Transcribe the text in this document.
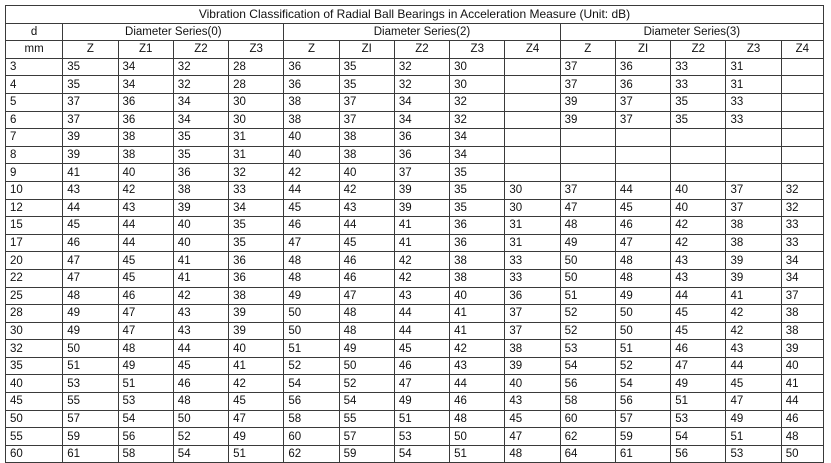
Vibration Classification of Radial Ball Bearings in Acceleration Measure (Unit: dB)														
d	Diameter Series(0)				Diameter Series(2)					Diameter Series(3)				
mm	Z	Z1	Z2	Z3	Z	ZI	Z2	Z3	Z4	Z	ZI	Z2	Z3	Z4
3	35	34	32	28	36	35	32	30		37	36	33	31	
4	35	34	32	28	36	35	32	30		37	36	33	31	
5	37	36	34	30	38	37	34	32		39	37	35	33	
6	37	36	34	30	38	37	34	32		39	37	35	33	
7	39	38	35	31	40	38	36	34						
8	39	38	35	31	40	38	36	34						
9	41	40	36	32	42	40	37	35						
10	43	42	38	33	44	42	39	35	30	37	44	40	37	32
12	44	43	39	34	45	43	39	35	30	47	45	40	37	32
15	45	44	40	35	46	44	41	36	31	48	46	42	38	33
17	46	44	40	35	47	45	41	36	31	49	47	42	38	33
20	47	45	41	36	48	46	42	38	33	50	48	43	39	34
22	47	45	41	36	48	46	42	38	33	50	48	43	39	34
25	48	46	42	38	49	47	43	40	36	51	49	44	41	37
28	49	47	43	39	50	48	44	41	37	52	50	45	42	38
30	49	47	43	39	50	48	44	41	37	52	50	45	42	38
32	50	48	44	40	51	49	45	42	38	53	51	46	43	39
35	51	49	45	41	52	50	46	43	39	54	52	47	44	40
40	53	51	46	42	54	52	47	44	40	56	54	49	45	41
45	55	53	48	45	56	54	49	46	43	58	56	51	47	44
50	57	54	50	47	58	55	51	48	45	60	57	53	49	46
55	59	56	52	49	60	57	53	50	47	62	59	54	51	48
60	61	58	54	51	62	59	54	51	48	64	61	56	53	50
